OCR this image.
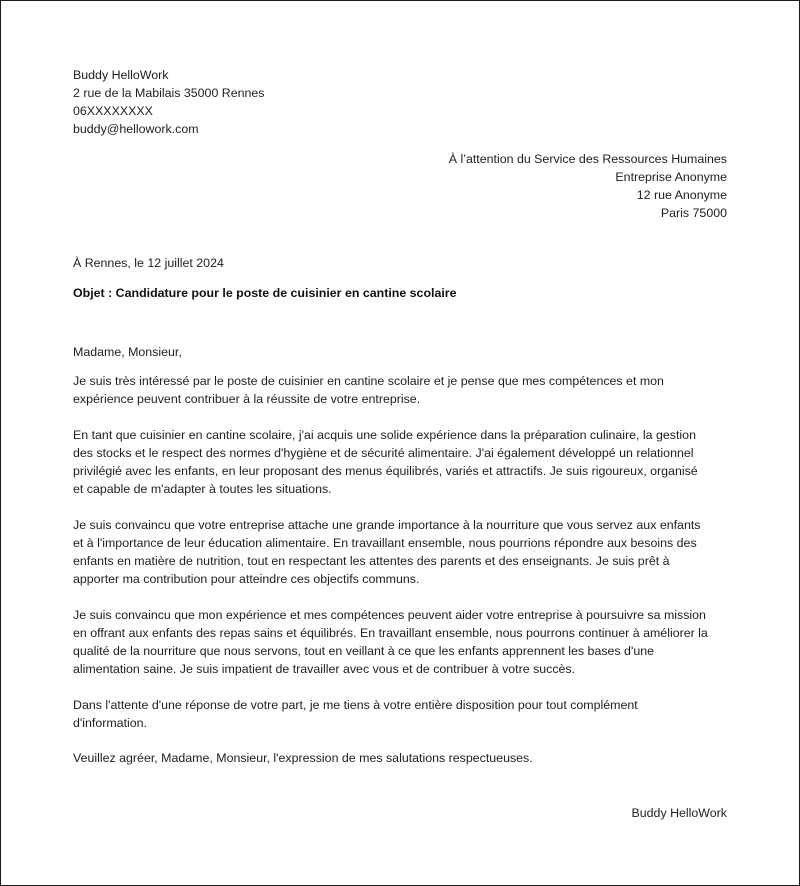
Buddy HelloWork
2 rue de la Mabilais 35000 Rennes
06XXXXXXXX
buddy@hellowork.com
À l’attention du Service des Ressources Humaines
Entreprise Anonyme
12 rue Anonyme
Paris 75000
À Rennes, le 12 juillet 2024
Objet : Candidature pour le poste de cuisinier en cantine scolaire
Madame, Monsieur,
Je suis très intéressé par le poste de cuisinier en cantine scolaire et je pense que mes compétences et mon
expérience peuvent contribuer à la réussite de votre entreprise.
En tant que cuisinier en cantine scolaire, j'ai acquis une solide expérience dans la préparation culinaire, la gestion
des stocks et le respect des normes d'hygiène et de sécurité alimentaire. J'ai également développé un relationnel
privilégié avec les enfants, en leur proposant des menus équilibrés, variés et attractifs. Je suis rigoureux, organisé
et capable de m'adapter à toutes les situations.
Je suis convaincu que votre entreprise attache une grande importance à la nourriture que vous servez aux enfants
et à l'importance de leur éducation alimentaire. En travaillant ensemble, nous pourrions répondre aux besoins des
enfants en matière de nutrition, tout en respectant les attentes des parents et des enseignants. Je suis prêt à
apporter ma contribution pour atteindre ces objectifs communs.
Je suis convaincu que mon expérience et mes compétences peuvent aider votre entreprise à poursuivre sa mission
en offrant aux enfants des repas sains et équilibrés. En travaillant ensemble, nous pourrons continuer à améliorer la
qualité de la nourriture que nous servons, tout en veillant à ce que les enfants apprennent les bases d'une
alimentation saine. Je suis impatient de travailler avec vous et de contribuer à votre succès.
Dans l'attente d'une réponse de votre part, je me tiens à votre entière disposition pour tout complément
d'information.
Veuillez agréer, Madame, Monsieur, l'expression de mes salutations respectueuses.
Buddy HelloWork
